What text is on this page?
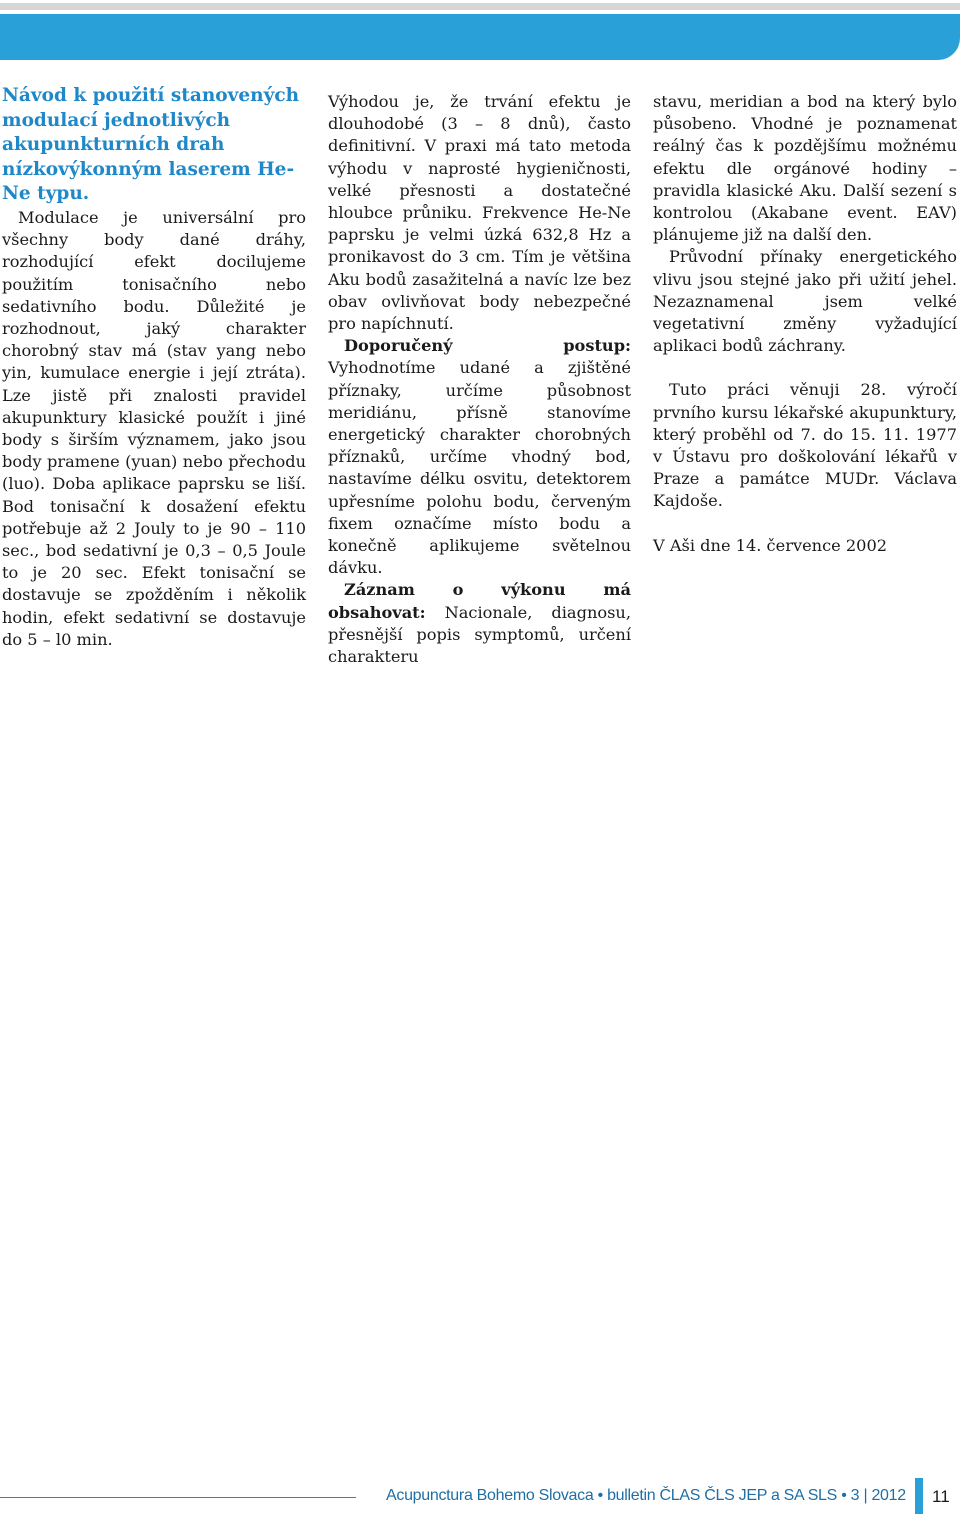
Návod k použití stanovených modulací jednotlivých akupunkturních drah nízkovýkonným laserem He-Ne typu.

Modulace je universální pro všechny body dané dráhy, rozhodující efekt docilujeme použitím tonisačního nebo sedativního bodu. Důležité je rozhodnout, jaký charakter chorobný stav má (stav yang nebo yin, kumulace energie i její ztráta). Lze jistě při znalosti pravidel akupunktury klasické použít i jiné body s širším významem, jako jsou body pramene (yuan) nebo přechodu (luo). Doba aplikace paprsku se liší. Bod tonisační k dosažení efektu potřebuje až 2 Jouly to je 90 – 110 sec., bod sedativní je 0,3 – 0,5 Joule to je 20 sec. Efekt tonisační se dostavuje se zpožděním i několik hodin, efekt sedativní se dostavuje do 5 – l0 min.

Výhodou je, že trvání efektu je dlouhodobé (3 – 8 dnů), často definitivní. V praxi má tato metoda výhodu v naprosté hygieničnosti, velké přesnosti a dostatečné hloubce průniku. Frekvence He-Ne paprsku je velmi úzká 632,8 Hz a pronikavost do 3 cm. Tím je většina Aku bodů zasažitelná a navíc lze bez obav ovlivňovat body nebezpečné pro napíchnutí.

Doporučený postup: Vyhodnotíme udané a zjištěné příznaky, určíme působnost meridiánu, přísně stanovíme energetický charakter chorobných příznaků, určíme vhodný bod, nastavíme délku osvitu, detektorem upřesníme polohu bodu, červeným fixem označíme místo bodu a konečně aplikujeme světelnou dávku.

Záznam o výkonu má obsahovat: Nacionale, diagnosu, přesnější popis symptomů, určení charakteru

stavu, meridian a bod na který bylo působeno. Vhodné je poznamenat reálný čas k pozdějšímu možnému efektu dle orgánové hodiny – pravidla klasické Aku. Další sezení s kontrolou (Akabane event. EAV) plánujeme již na další den.

Průvodní přínaky energetického vlivu jsou stejné jako při užití jehel. Nezaznamenal jsem velké vegetativní změny vyžadující aplikaci bodů záchrany.

Tuto práci věnuji 28. výročí prvního kursu lékařské akupunktury, který proběhl od 7. do 15. 11. 1977 v Ústavu pro doškolování lékařů v Praze a památce MUDr. Václava Kajdoše.

V Aši dne 14. července 2002

Acupunctura Bohemo Slovaca • bulletin ČLAS ČLS JEP a SA SLS • 3 | 2012 11
